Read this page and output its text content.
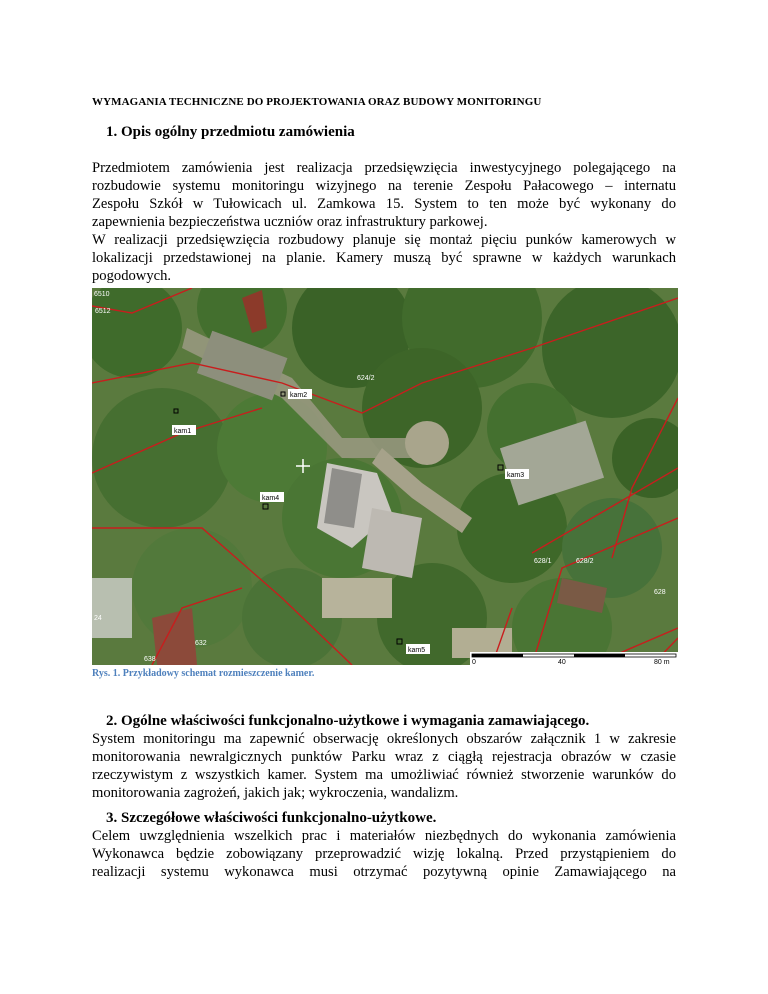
WYMAGANIA TECHNICZNE DO PROJEKTOWANIA ORAZ BUDOWY MONITORINGU
1. Opis ogólny przedmiotu zamówienia
Przedmiotem zamówienia jest realizacja przedsięwzięcia inwestycyjnego polegającego na
rozbudowie systemu monitoringu wizyjnego na terenie Zespołu Pałacowego – internatu
Zespołu Szkół w Tułowicach ul. Zamkowa 15. System to ten może być wykonany do
zapewnienia bezpieczeństwa uczniów oraz infrastruktury parkowej.
W realizacji przedsięwzięcia rozbudowy planuje się montaż pięciu punków kamerowych w
lokalizacji przedstawionej na planie. Kamery muszą być sprawne w każdych warunkach
pogodowych.
6510
6512
624/2
628/1	628/2
628
632
638
24
kam1
kam2
kam3
kam4
kam5
0	40	80 m
Rys. 1. Przykładowy schemat rozmieszczenie kamer.
2. Ogólne właściwości funkcjonalno-użytkowe i wymagania zamawiającego.
System monitoringu ma zapewnić obserwację określonych obszarów załącznik 1 w zakresie
monitorowania newralgicznych punktów Parku wraz z ciągłą rejestracja obrazów w czasie
rzeczywistym z wszystkich kamer. System ma umożliwiać również stworzenie warunków do
monitorowania zagrożeń, jakich jak; wykroczenia, wandalizm.
3. Szczegółowe właściwości funkcjonalno-użytkowe.
Celem uwzględnienia wszelkich prac i materiałów niezbędnych do wykonania zamówienia
Wykonawca będzie zobowiązany przeprowadzić wizję lokalną. Przed przystąpieniem do
realizacji systemu wykonawca musi otrzymać pozytywną opinie Zamawiającego na
